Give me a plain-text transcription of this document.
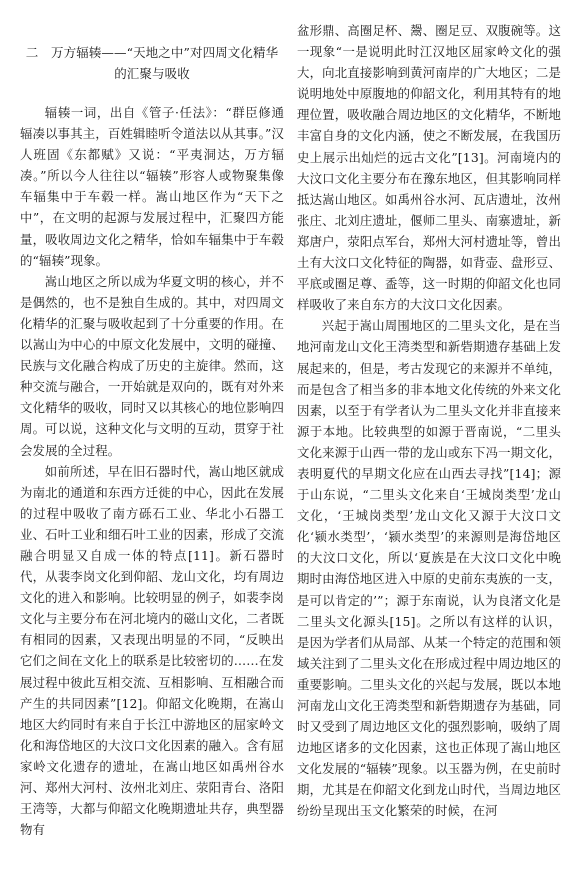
二　万方辐辏——“天地之中”对四周文化精华
的汇聚与吸收

辐辏一词，出自《管子·任法》：“群臣修通辐凑以事其主，百姓辑睦听令道法以从其事。”汉人班固《东都赋》又说：“平夷洞达，万方辐凑。”所以今人往往以“辐辏”形容人或物聚集像车辐集中于车毂一样。嵩山地区作为“天下之中”，在文明的起源与发展过程中，汇聚四方能量，吸收周边文化之精华，恰如车辐集中于车毂的“辐辏”现象。

嵩山地区之所以成为华夏文明的核心，并不是偶然的，也不是独自生成的。其中，对四周文化精华的汇聚与吸收起到了十分重要的作用。在以嵩山为中心的中原文化发展中，文明的碰撞、民族与文化融合构成了历史的主旋律。然而，这种交流与融合，一开始就是双向的，既有对外来文化精华的吸收，同时又以其核心的地位影响四周。可以说，这种文化与文明的互动，贯穿于社会发展的全过程。

如前所述，早在旧石器时代，嵩山地区就成为南北的通道和东西方迁徙的中心，因此在发展的过程中吸收了南方砾石工业、华北小石器工业、石叶工业和细石叶工业的因素，形成了交流融合明显又自成一体的特点[11]。新石器时代，从裴李岗文化到仰韶、龙山文化，均有周边文化的进入和影响。比较明显的例子，如裴李岗文化与主要分布在河北境内的磁山文化，二者既有相同的因素，又表现出明显的不同，“反映出它们之间在文化上的联系是比较密切的……在发展过程中彼此互相交流、互相影响、互相融合而产生的共同因素”[12]。仰韶文化晚期，在嵩山地区大约同时有来自于长江中游地区的屈家岭文化和海岱地区的大汶口文化因素的融入。含有屈家岭文化遗存的遗址，在嵩山地区如禹州谷水河、郑州大河村、汝州北刘庄、荥阳青台、洛阳王湾等，大都与仰韶文化晚期遗址共存，典型器物有

盆形鼎、高圈足杯、鬶、圈足豆、双腹碗等。这一现象“一是说明此时江汉地区屈家岭文化的强大，向北直接影响到黄河南岸的广大地区；二是说明地处中原腹地的仰韶文化，利用其特有的地理位置，吸收融合周边地区的文化精华，不断地丰富自身的文化内涵，使之不断发展，在我国历史上展示出灿烂的远古文化”[13]。河南境内的大汶口文化主要分布在豫东地区，但其影响同样抵达嵩山地区。如禹州谷水河、瓦店遗址，汝州张庄、北刘庄遗址，偃师二里头、南寨遗址，新郑唐户，荥阳点军台，郑州大河村遗址等，曾出土有大汶口文化特征的陶器，如背壶、盘形豆、平底或圈足尊、盉等，这一时期的仰韶文化也同样吸收了来自东方的大汶口文化因素。

兴起于嵩山周围地区的二里头文化，是在当地河南龙山文化王湾类型和新砦期遗存基础上发展起来的，但是，考古发现它的来源并不单纯，而是包含了相当多的非本地文化传统的外来文化因素，以至于有学者认为二里头文化并非直接来源于本地。比较典型的如源于晋南说，“二里头文化来源于山西一带的龙山或东下冯一期文化，表明夏代的早期文化应在山西去寻找”[14]；源于山东说，“二里头文化来自‘王城岗类型’龙山文化，‘王城岗类型’龙山文化又源于大汶口文化‘颍水类型’，‘颍水类型’的来源则是海岱地区的大汶口文化，所以‘夏族是在大汶口文化中晚期时由海岱地区进入中原的史前东夷族的一支，是可以肯定的’”；源于东南说，认为良渚文化是二里头文化源头[15]。之所以有这样的认识，是因为学者们从局部、从某一个特定的范围和领域关注到了二里头文化在形成过程中周边地区的重要影响。二里头文化的兴起与发展，既以本地河南龙山文化王湾类型和新砦期遗存为基础，同时又受到了周边地区文化的强烈影响，吸纳了周边地区诸多的文化因素，这也正体现了嵩山地区文化发展的“辐辏”现象。以玉器为例，在史前时期，尤其是在仰韶文化到龙山时代，当周边地区纷纷呈现出玉文化繁荣的时候，在河
